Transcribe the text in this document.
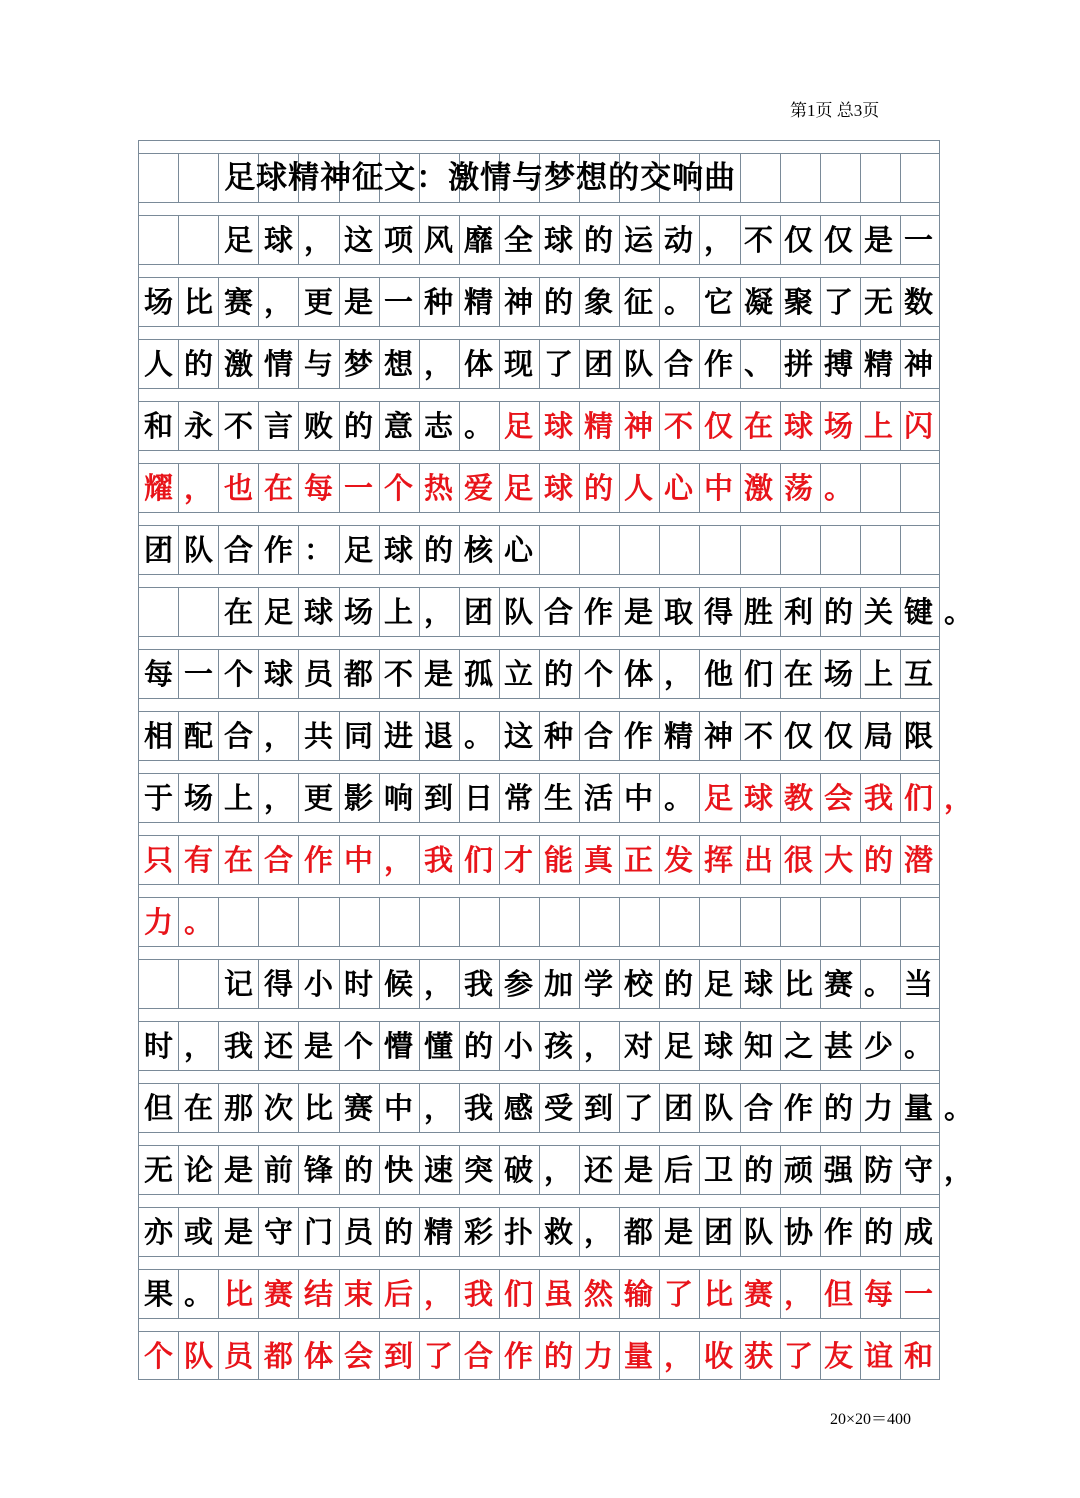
第1页 总3页
足球精神征文：激情与梦想的交响曲
　　足球，这项风靡全球的运动，不仅仅是一
场比赛，更是一种精神的象征。它凝聚了无数
人的激情与梦想，体现了团队合作、拼搏精神
和永不言败的意志。足球精神不仅在球场上闪
耀，也在每一个热爱足球的人心中激荡。
团队合作：足球的核心
　　在足球场上，团队合作是取得胜利的关键
每一个球员都不是孤立的个体，他们在场上互
相配合，共同进退。这种合作精神不仅仅局限
于场上，更影响到日常生活中。足球教会我们
只有在合作中，我们才能真正发挥出很大的潜
力。
　　记得小时候，我参加学校的足球比赛。当
时，我还是个懵懂的小孩，对足球知之甚少。
但在那次比赛中，我感受到了团队合作的力量
无论是前锋的快速突破，还是后卫的顽强防守
亦或是守门员的精彩扑救，都是团队协作的成
果。比赛结束后，我们虽然输了比赛，但每一
个队员都体会到了合作的力量，收获了友谊和
。
，
。
，
20×20＝400
